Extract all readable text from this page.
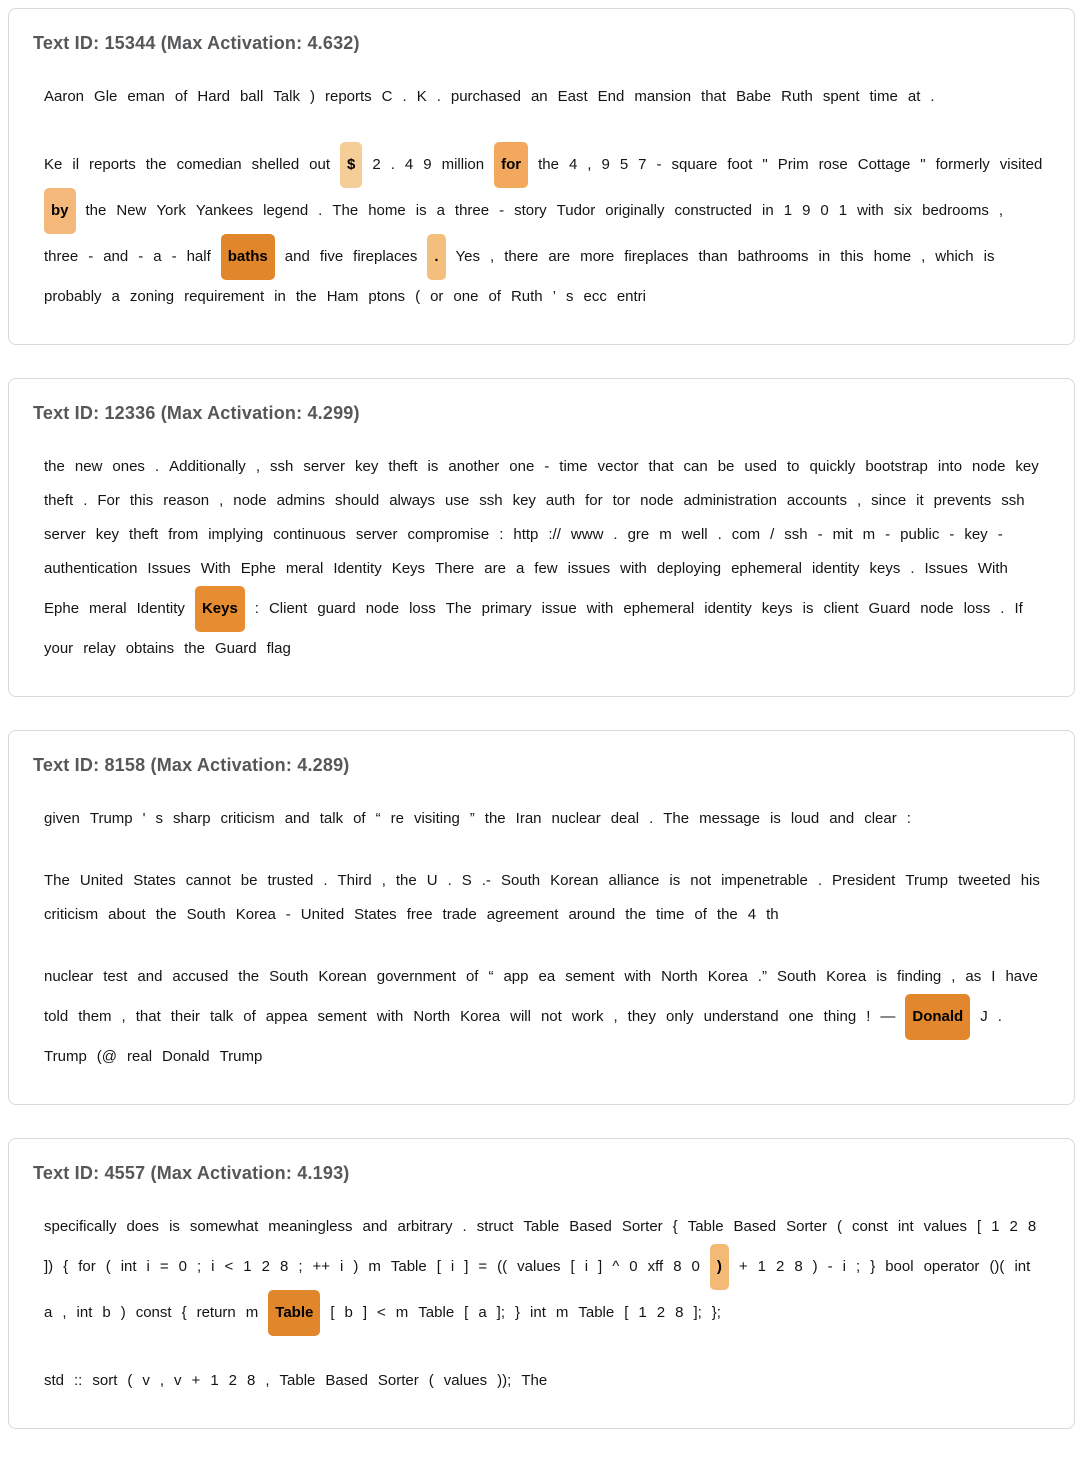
Text ID: 15344 (Max Activation: 4.632)

Aaron Gle eman of Hard ball Talk ) reports C . K . purchased an East End mansion that Babe Ruth spent time at .

Ke il reports the comedian shelled out $ 2 . 4 9 million for the 4 , 9 5 7 - square foot " Prim rose Cottage " formerly visitedby the New York Yankees legend . The home is a three - story Tudor originally constructed in 1 9 0 1 with six bedrooms ,three - and - a - half baths and five fireplaces . Yes , there are more fireplaces than bathrooms in this home , which isprobably a zoning requirement in the Ham ptons ( or one of Ruth ’ s ecc entri

Text ID: 12336 (Max Activation: 4.299)

the new ones . Additionally , ssh server key theft is another one - time vector that can be used to quickly bootstrap into node keytheft . For this reason , node admins should always use ssh key auth for tor node administration accounts , since it prevents sshserver key theft from implying continuous server compromise : http :// www . gre m well . com / ssh - mit m - public - key -authentication Issues With Ephe meral Identity Keys There are a few issues with deploying ephemeral identity keys . Issues WithEphe meral Identity Keys : Client guard node loss The primary issue with ephemeral identity keys is client Guard node loss . Ifyour relay obtains the Guard flag

Text ID: 8158 (Max Activation: 4.289)

given Trump ' s sharp criticism and talk of “ re visiting ” the Iran nuclear deal . The message is loud and clear :

The United States cannot be trusted . Third , the U . S .- South Korean alliance is not impenetrable . President Trump tweeted hiscriticism about the South Korea - United States free trade agreement around the time of the 4 th

nuclear test and accused the South Korean government of “ app ea sement with North Korea .” South Korea is finding , as I havetold them , that their talk of appea sement with North Korea will not work , they only understand one thing ! — Donald J .Trump (@ real Donald Trump

Text ID: 4557 (Max Activation: 4.193)

specifically does is somewhat meaningless and arbitrary . struct Table Based Sorter { Table Based Sorter ( const int values [ 1 2 8]) { for ( int i = 0 ; i < 1 2 8 ; ++ i ) m Table [ i ] = (( values [ i ] ^ 0 xff 8 0 ) + 1 2 8 ) - i ; } bool operator ()( inta , int b ) const { return m Table [ b ] < m Table [ a ]; } int m Table [ 1 2 8 ]; };

std :: sort ( v , v + 1 2 8 , Table Based Sorter ( values )); The
